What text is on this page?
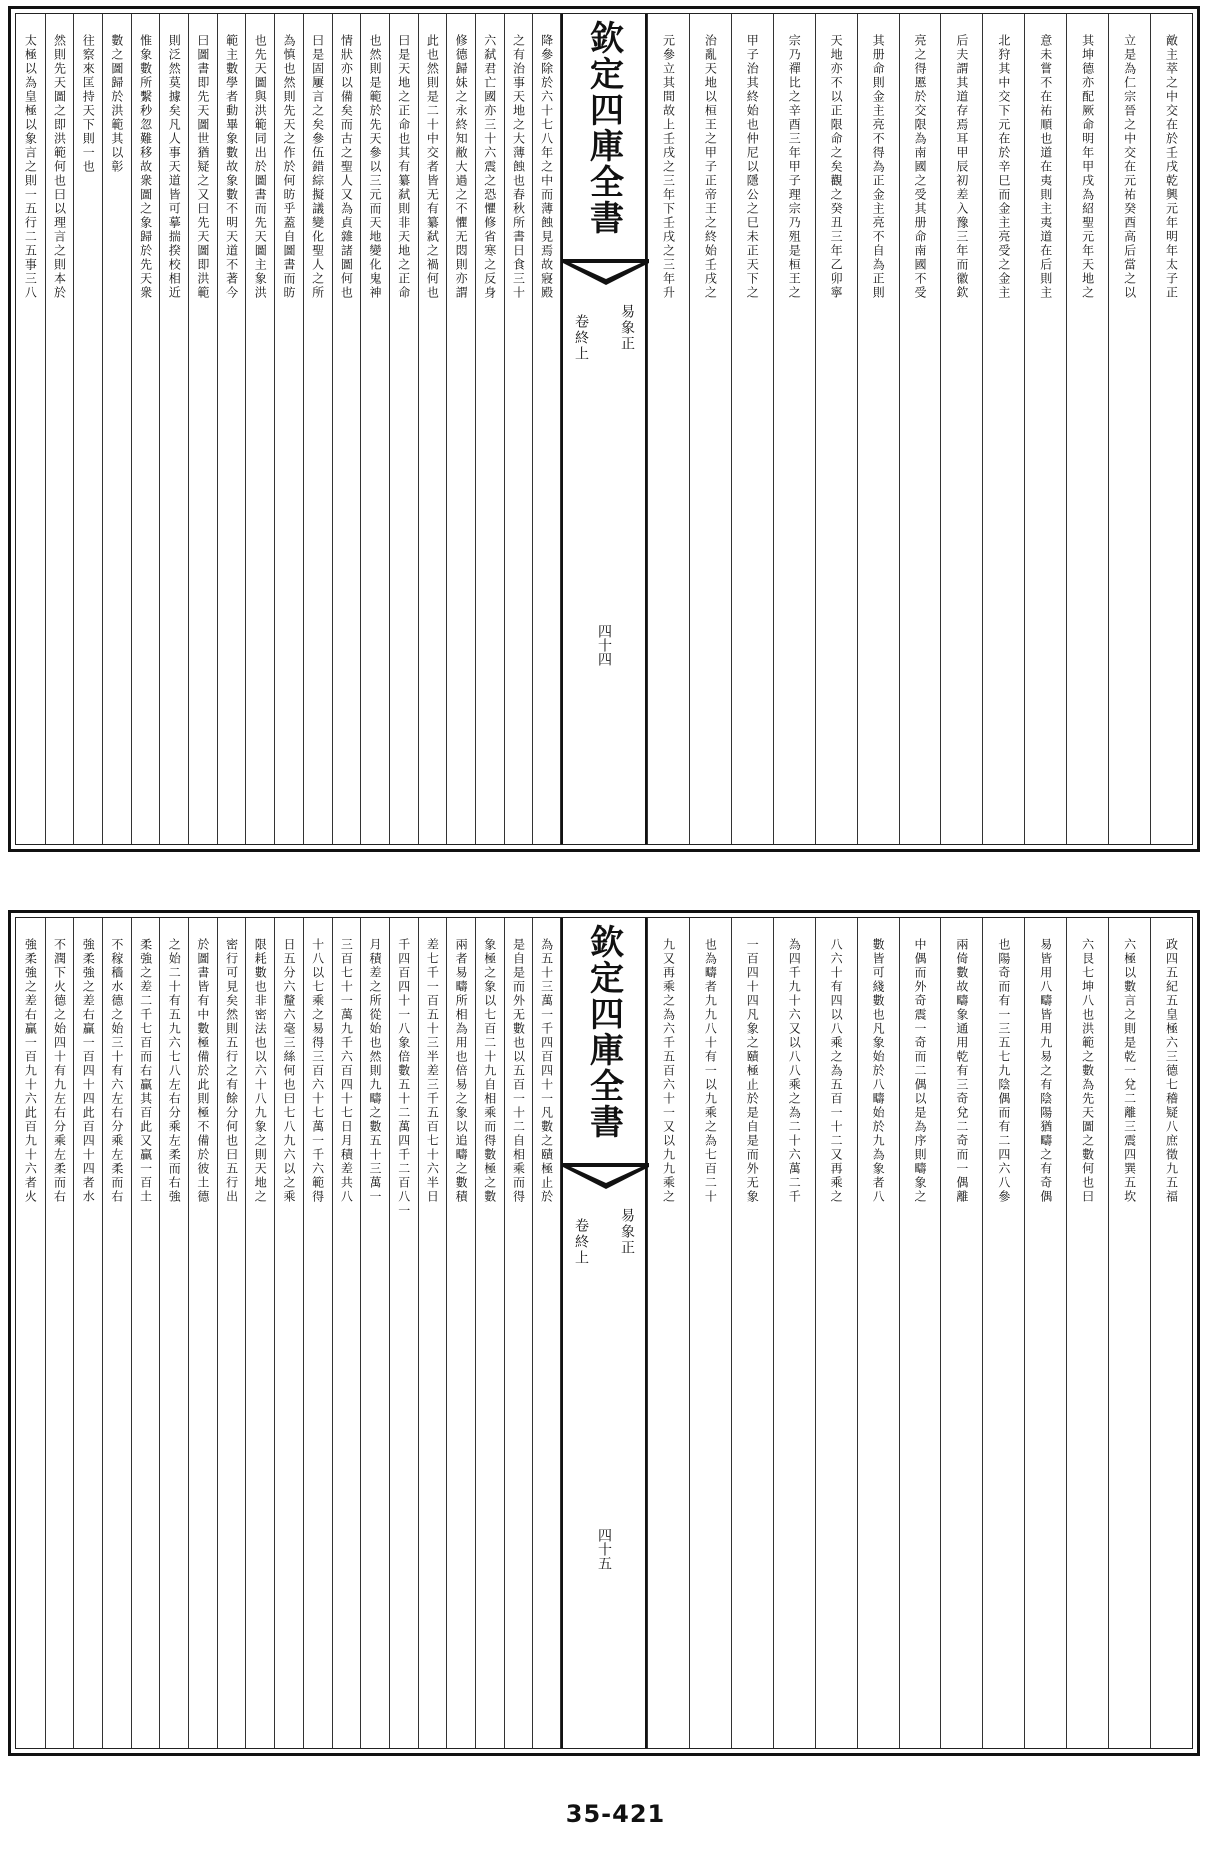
敵主萃之中交在於壬戌乾興元年明年太子正
立是為仁宗晉之中交在元祐癸酉高后當之以
其坤德亦配厥命明年甲戌為紹聖元年天地之
意未嘗不在祐順也道在夷則主夷道在后則主
北狩其中交下元在於辛巳而金主亮受之金主
后夫謂其道存焉耳甲辰初差入豫三年而徽欽
亮之得慝於交限為南國之受其册命南國不受
其册命則金主亮不得為正金主亮不自為正則
天地亦不以正限命之矣觀之癸丑三年乙卯寧
宗乃禪比之辛酉三年甲子理宗乃殂是桓王之
甲子治其終始也仲尼以隱公之巳未正天下之
治亂天地以桓王之甲子正帝王之終始壬戌之
元參立其間故上壬戌之三年下壬戌之三年升
欽定四庫全書
易象正
卷終上
四十四
降參除於六十七八年之中而薄蝕見焉故寢殿
之有治事天地之大薄蝕也春秋所書日食三十
六弑君亡國亦三十六震之恐懼修省寒之反身
修德歸妹之永終知敝大過之不懼无悶則亦謂
此也然則是二十中交者皆无有纂弑之禍何也
曰是天地之正命也其有纂弑則非天地之正命
也然則是範於先天參以三元而天地變化鬼神
情狀亦以備矣而古之聖人又為貞雜諸圖何也
曰是固屢言之矣參伍錯綜擬議變化聖人之所
為慎也然則先天之作於何昉乎蓋自圖書而昉
也先天圖與洪範同出於圖書而先天圖主象洪
範主數學者動畢象數故象數不明天道不著今
曰圖書即先天圖世猶疑之又曰先天圖即洪範
則泛然莫據矣凡人事天道皆可摹揣揆校相近
惟象數所繫秒忽難移故衆圖之象歸於先天衆
數之圖歸於洪範其以彰
往察來匡持天下則一也
然則先天圖之即洪範何也曰以理言之則本於
太極以為皇極以象言之則一五行二五事三八
政四五紀五皇極六三德七稽疑八庶徵九五福
六極以數言之則是乾一兌二離三震四巽五坎
六艮七坤八也洪範之數為先天圖之數何也曰
易皆用八疇皆用九易之有陰陽猶疇之有奇偶
也陽奇而有一三五七九陰偶而有二四六八參
兩倚數故疇象通用乾有三奇兌二奇而一偶離
中偶而外奇震一奇而二偶以是為序則疇象之
數皆可綫數也凡象始於八疇始於九為象者八
八六十有四以八乘之為五百一十二又再乘之
為四千九十六又以八八乘之為二十六萬二千
一百四十四凡象之賾極止於是自是而外无象
也為疇者九九八十有一以九乘之為七百二十
九又再乘之為六千五百六十一又以九九乘之
欽定四庫全書
易象正
卷終上
四十五
為五十三萬一千四百四十一凡數之賾極止於
是自是而外无數也以五百一十二自相乘而得
象極之象以七百二十九自相乘而得數極之數
兩者易疇所相為用也倍易之象以追疇之數積
差七千一百五十三半差三千五百七十六半日
千四百四十一八象倍數五十二萬四千二百八一
月積差之所從始也然則九疇之數五十三萬一
三百七十一萬九千六百四十七日月積差共八
十八以七乘之易得三百六十七萬一千六範得
日五分六釐六毫三絲何也曰七八九六以之乘
限耗數也非密法也以六十八九象之則天地之
密行可見矣然則五行之有餘分何也曰五行出
於圖書皆有中數極備於此則極不備於彼土德
之始二十有五九六七八左右分乘左柔而右強
柔強之差二千七百而右贏其百此又贏一百土
不稼穡水德之始三十有六左右分乘左柔而右
強柔強之差右贏一百四十四此百四十四者水
不潤下火德之始四十有九左右分乘左柔而右
強柔強之差右贏一百九十六此百九十六者火
35-421
